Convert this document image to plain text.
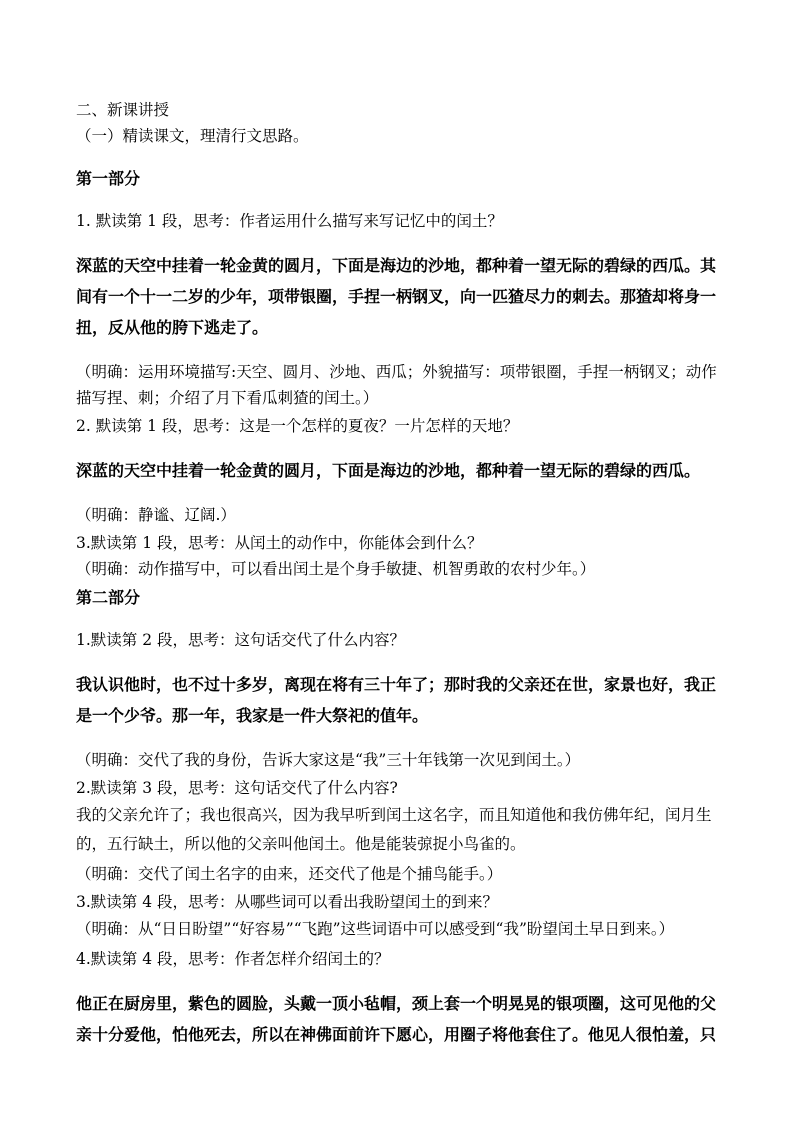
二、新课讲授

（一）精读课文，理清行文思路。

第一部分

1. 默读第 1 段，思考：作者运用什么描写来写记忆中的闰土？

深蓝的天空中挂着一轮金黄的圆月，下面是海边的沙地，都种着一望无际的碧绿的西瓜。其间有一个十一二岁的少年，项带银圈，手捏一柄钢叉，向一匹猹尽力的刺去。那猹却将身一扭，反从他的胯下逃走了。

（明确：运用环境描写:天空、圆月、沙地、西瓜；外貌描写：项带银圈，手捏一柄钢叉；动作描写捏、刺；介绍了月下看瓜刺猹的闰土。）

2. 默读第 1 段，思考：这是一个怎样的夏夜？一片怎样的天地？

深蓝的天空中挂着一轮金黄的圆月，下面是海边的沙地，都种着一望无际的碧绿的西瓜。

（明确：静谧、辽阔.）

3.默读第 1 段，思考：从闰土的动作中，你能体会到什么？

（明确：动作描写中，可以看出闰土是个身手敏捷、机智勇敢的农村少年。）

第二部分

1.默读第 2 段，思考：这句话交代了什么内容？

我认识他时，也不过十多岁，离现在将有三十年了；那时我的父亲还在世，家景也好，我正是一个少爷。那一年，我家是一件大祭祀的值年。

（明确：交代了我的身份，告诉大家这是“我”三十年钱第一次见到闰土。）

2.默读第 3 段，思考：这句话交代了什么内容?

我的父亲允许了；我也很高兴，因为我早听到闰土这名字，而且知道他和我仿佛年纪，闰月生的，五行缺土，所以他的父亲叫他闰土。他是能装弶捉小鸟雀的。

（明确：交代了闰土名字的由来，还交代了他是个捕鸟能手。）

3.默读第 4 段，思考：从哪些词可以看出我盼望闰土的到来？

（明确：从“日日盼望”“好容易”“飞跑”这些词语中可以感受到“我”盼望闰土早日到来。）

4.默读第 4 段，思考：作者怎样介绍闰土的？

他正在厨房里，紫色的圆脸，头戴一顶小毡帽，颈上套一个明晃晃的银项圈，这可见他的父亲十分爱他，怕他死去，所以在神佛面前许下愿心，用圈子将他套住了。他见人很怕羞，只
